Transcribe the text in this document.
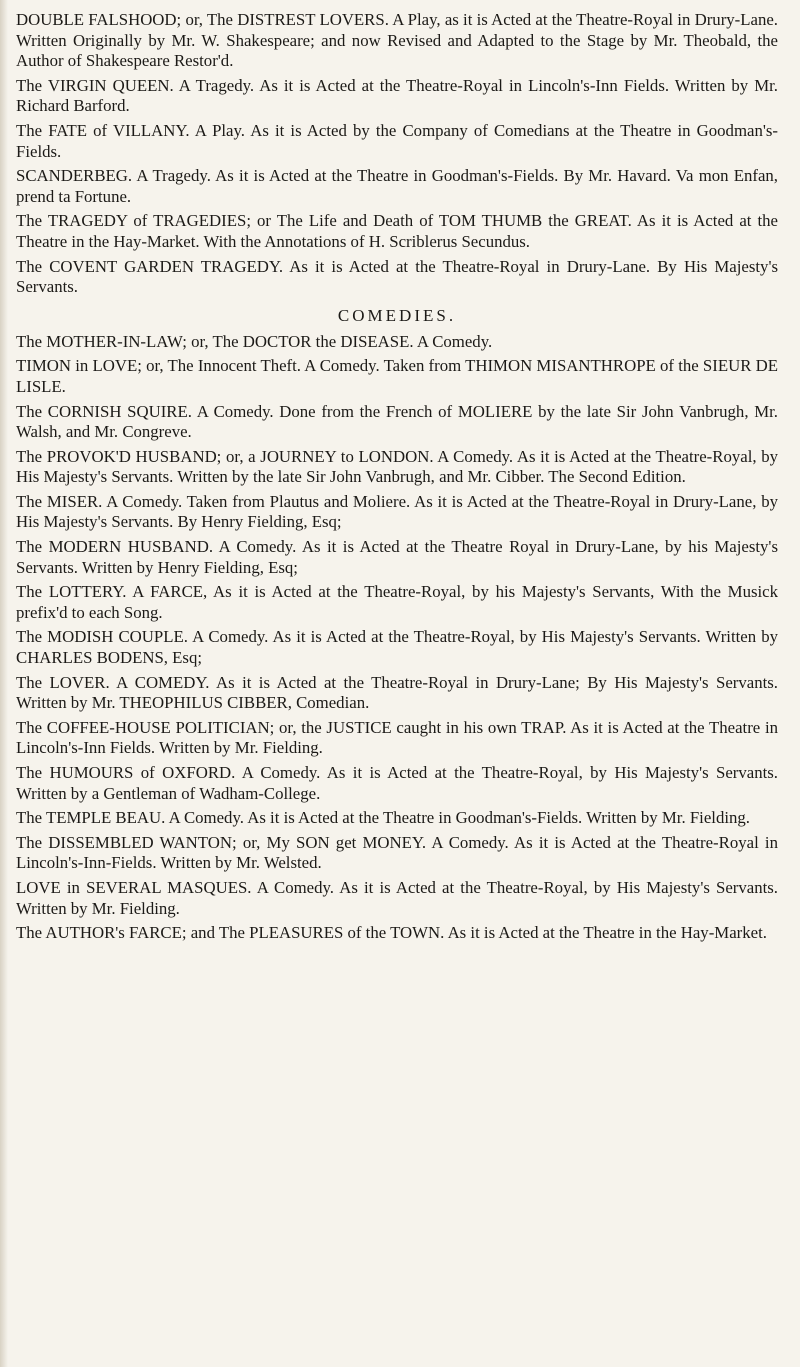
DOUBLE FALSHOOD; or, The DISTREST LOVERS. A Play, as it is Acted at the Theatre-Royal in Drury-Lane. Written Originally by Mr. W. Shakespeare; and now Revised and Adapted to the Stage by Mr. Theobald, the Author of Shakespeare Restor'd.

The VIRGIN QUEEN. A Tragedy. As it is Acted at the Theatre-Royal in Lincoln's-Inn Fields. Written by Mr. Richard Barford.

The FATE of VILLANY. A Play. As it is Acted by the Company of Comedians at the Theatre in Goodman's-Fields.

SCANDERBEG. A Tragedy. As it is Acted at the Theatre in Goodman's-Fields. By Mr. Havard. Va mon Enfan, prend ta Fortune.

The TRAGEDY of TRAGEDIES; or The Life and Death of TOM THUMB the GREAT. As it is Acted at the Theatre in the Hay-Market. With the Annotations of H. Scriblerus Secundus.

The COVENT GARDEN TRAGEDY. As it is Acted at the Theatre-Royal in Drury-Lane. By His Majesty's Servants.

COMEDIES.

The MOTHER-IN-LAW; or, The DOCTOR the DISEASE. A Comedy.

TIMON in LOVE; or, The Innocent Theft. A Comedy. Taken from THIMON MISANTHROPE of the SIEUR DE LISLE.

The CORNISH SQUIRE. A Comedy. Done from the French of MOLIERE by the late Sir John Vanbrugh, Mr. Walsh, and Mr. Congreve.

The PROVOK'D HUSBAND; or, a JOURNEY to LONDON. A Comedy. As it is Acted at the Theatre-Royal, by His Majesty's Servants. Written by the late Sir John Vanbrugh, and Mr. Cibber. The Second Edition.

The MISER. A Comedy. Taken from Plautus and Moliere. As it is Acted at the Theatre-Royal in Drury-Lane, by His Majesty's Servants. By Henry Fielding, Esq;

The MODERN HUSBAND. A Comedy. As it is Acted at the Theatre Royal in Drury-Lane, by his Majesty's Servants. Written by Henry Fielding, Esq;

The LOTTERY. A FARCE, As it is Acted at the Theatre-Royal, by his Majesty's Servants, With the Musick prefix'd to each Song.

The MODISH COUPLE. A Comedy. As it is Acted at the Theatre-Royal, by His Majesty's Servants. Written by CHARLES BODENS, Esq;

The LOVER. A COMEDY. As it is Acted at the Theatre-Royal in Drury-Lane; By His Majesty's Servants. Written by Mr. THEOPHILUS CIBBER, Comedian.

The COFFEE-HOUSE POLITICIAN; or, the JUSTICE caught in his own TRAP. As it is Acted at the Theatre in Lincoln's-Inn Fields. Written by Mr. Fielding.

The HUMOURS of OXFORD. A Comedy. As it is Acted at the Theatre-Royal, by His Majesty's Servants. Written by a Gentleman of Wadham-College.

The TEMPLE BEAU. A Comedy. As it is Acted at the Theatre in Goodman's-Fields. Written by Mr. Fielding.

The DISSEMBLED WANTON; or, My SON get MONEY. A Comedy. As it is Acted at the Theatre-Royal in Lincoln's-Inn-Fields. Written by Mr. Welsted.

LOVE in SEVERAL MASQUES. A Comedy. As it is Acted at the Theatre-Royal, by His Majesty's Servants. Written by Mr. Fielding.

The AUTHOR's FARCE; and The PLEASURES of the TOWN. As it is Acted at the Theatre in the Hay-Market.
